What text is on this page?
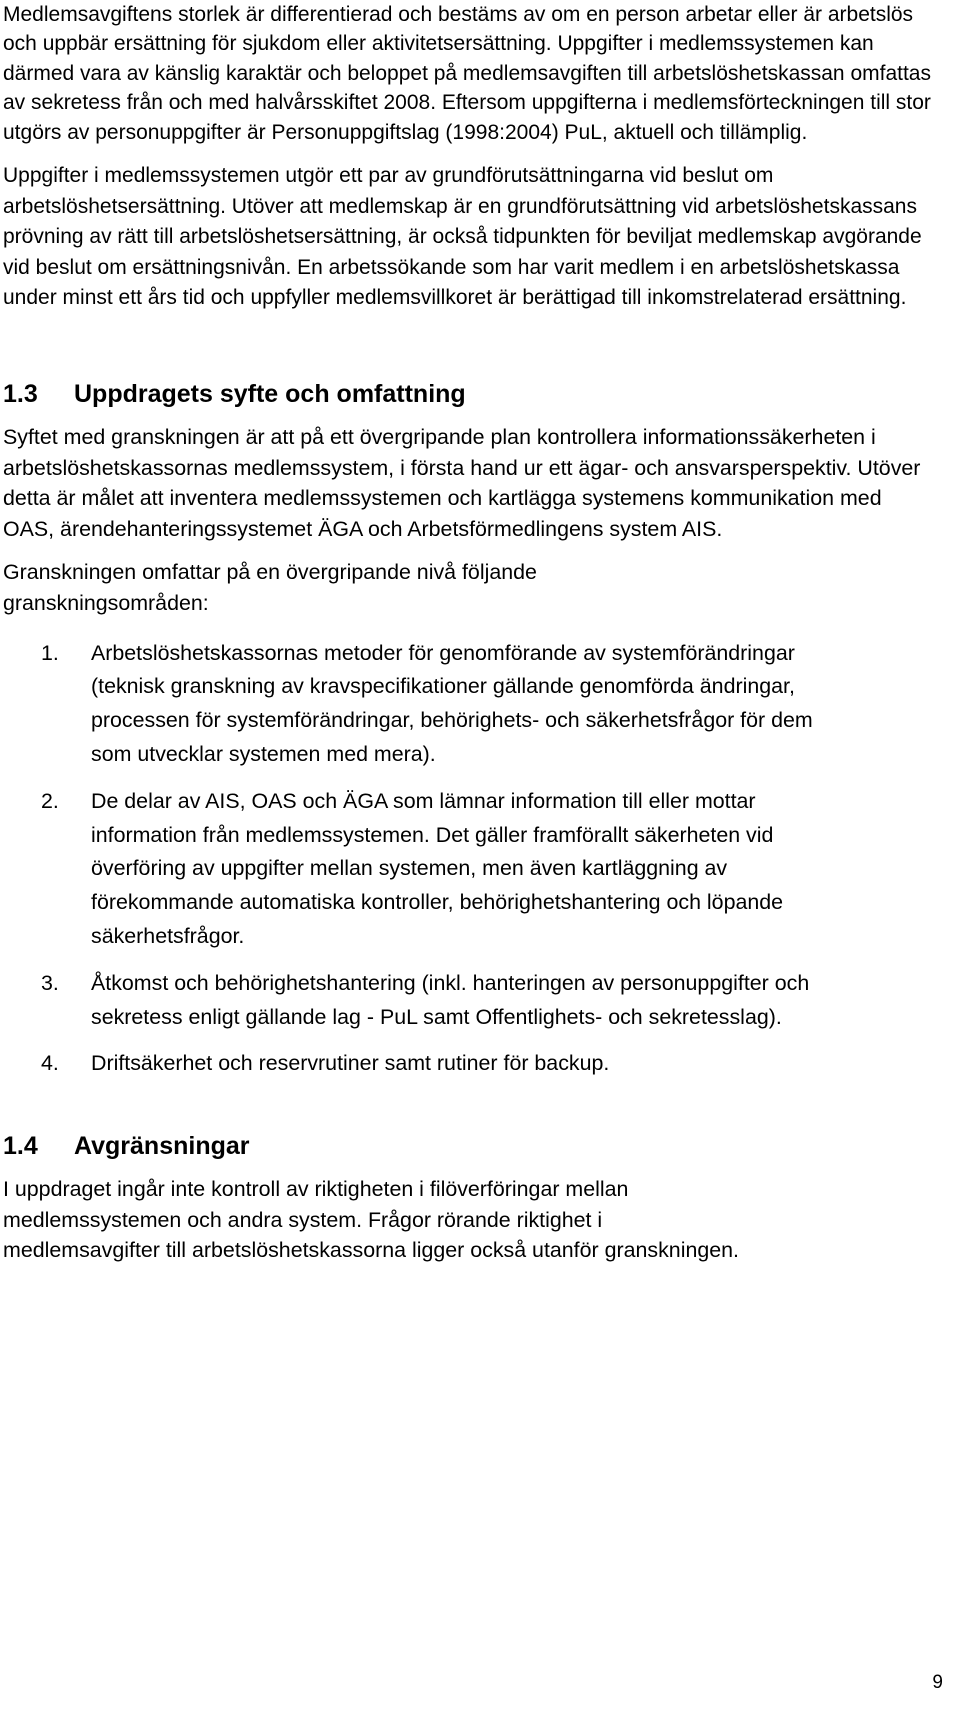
Medlemsavgiftens storlek är differentierad och bestäms av om en person arbetar eller är arbetslös och uppbär ersättning för sjukdom eller aktivitetsersättning. Uppgifter i medlemssystemen kan därmed vara av känslig karaktär och beloppet på medlemsavgiften till arbetslöshetskassan omfattas av sekretess från och med halvårsskiftet 2008. Eftersom uppgifterna i medlemsförteckningen till stor utgörs av personuppgifter är Personuppgiftslag (1998:2004) PuL, aktuell och tillämplig.

Uppgifter i medlemssystemen utgör ett par av grundförutsättningarna vid beslut om arbetslöshetsersättning. Utöver att medlemskap är en grundförutsättning vid arbetslöshetskassans prövning av rätt till arbetslöshetsersättning, är också tidpunkten för beviljat medlemskap avgörande vid beslut om ersättningsnivån. En arbetssökande som har varit medlem i en arbetslöshetskassa under minst ett års tid och uppfyller medlemsvillkoret är berättigad till inkomstrelaterad ersättning.

1.3	Uppdragets syfte och omfattning

Syftet med granskningen är att på ett övergripande plan kontrollera informationssäkerheten i arbetslöshetskassornas medlemssystem, i första hand ur ett ägar- och ansvarsperspektiv. Utöver detta är målet att inventera medlemssystemen och kartlägga systemens kommunikation med OAS, ärendehanteringssystemet ÄGA och Arbetsförmedlingens system AIS.

Granskningen omfattar på en övergripande nivå följande granskningsområden:

1.	Arbetslöshetskassornas metoder för genomförande av systemförändringar (teknisk granskning av kravspecifikationer gällande genomförda ändringar, processen för systemförändringar, behörighets- och säkerhetsfrågor för dem som utvecklar systemen med mera).
2.	De delar av AIS, OAS och ÄGA som lämnar information till eller mottar information från medlemssystemen. Det gäller framförallt säkerheten vid överföring av uppgifter mellan systemen, men även kartläggning av förekommande automatiska kontroller, behörighetshantering och löpande säkerhetsfrågor.
3.	Åtkomst och behörighetshantering (inkl. hanteringen av personuppgifter och sekretess enligt gällande lag - PuL samt Offentlighets- och sekretesslag).
4.	Driftsäkerhet och reservrutiner samt rutiner för backup.
1.4	Avgränsningar

I uppdraget ingår inte kontroll av riktigheten i filöverföringar mellan medlemssystemen och andra system. Frågor rörande riktighet i medlemsavgifter till arbetslöshetskassorna ligger också utanför granskningen.

9
